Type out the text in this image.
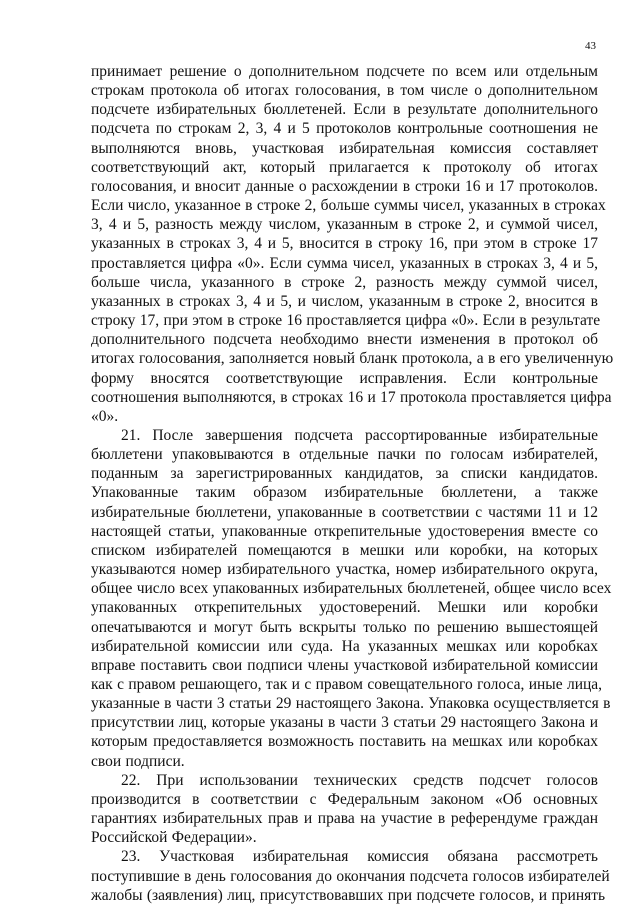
43

принимает решение о дополнительном подсчете по всем или отдельным
строкам протокола об итогах голосования, в том числе о дополнительном
подсчете избирательных бюллетеней. Если в результате дополнительного
подсчета по строкам 2, 3, 4 и 5 протоколов контрольные соотношения не
выполняются вновь, участковая избирательная комиссия составляет
соответствующий акт, который прилагается к протоколу об итогах
голосования, и вносит данные о расхождении в строки 16 и 17 протоколов.
Если число, указанное в строке 2, больше суммы чисел, указанных в строках
3, 4 и 5, разность между числом, указанным в строке 2, и суммой чисел,
указанных в строках 3, 4 и 5, вносится в строку 16, при этом в строке 17
проставляется цифра «0». Если сумма чисел, указанных в строках 3, 4 и 5,
больше числа, указанного в строке 2, разность между суммой чисел,
указанных в строках 3, 4 и 5, и числом, указанным в строке 2, вносится в
строку 17, при этом в строке 16 проставляется цифра «0». Если в результате
дополнительного подсчета необходимо внести изменения в протокол об
итогах голосования, заполняется новый бланк протокола, а в его увеличенную
форму вносятся соответствующие исправления. Если контрольные
соотношения выполняются, в строках 16 и 17 протокола проставляется цифра
«0».

21. После завершения подсчета рассортированные избирательные
бюллетени упаковываются в отдельные пачки по голосам избирателей,
поданным за зарегистрированных кандидатов, за списки кандидатов.
Упакованные таким образом избирательные бюллетени, а также
избирательные бюллетени, упакованные в соответствии с частями 11 и 12
настоящей статьи, упакованные открепительные удостоверения вместе со
списком избирателей помещаются в мешки или коробки, на которых
указываются номер избирательного участка, номер избирательного округа,
общее число всех упакованных избирательных бюллетеней, общее число всех
упакованных открепительных удостоверений. Мешки или коробки
опечатываются и могут быть вскрыты только по решению вышестоящей
избирательной комиссии или суда. На указанных мешках или коробках
вправе поставить свои подписи члены участковой избирательной комиссии
как с правом решающего, так и с правом совещательного голоса, иные лица,
указанные в части 3 статьи 29 настоящего Закона. Упаковка осуществляется в
присутствии лиц, которые указаны в части 3 статьи 29 настоящего Закона и
которым предоставляется возможность поставить на мешках или коробках
свои подписи.

22. При использовании технических средств подсчет голосов
производится в соответствии с Федеральным законом «Об основных
гарантиях избирательных прав и права на участие в референдуме граждан
Российской Федерации».

23. Участковая избирательная комиссия обязана рассмотреть
поступившие в день голосования до окончания подсчета голосов избирателей
жалобы (заявления) лиц, присутствовавших при подсчете голосов, и принять
